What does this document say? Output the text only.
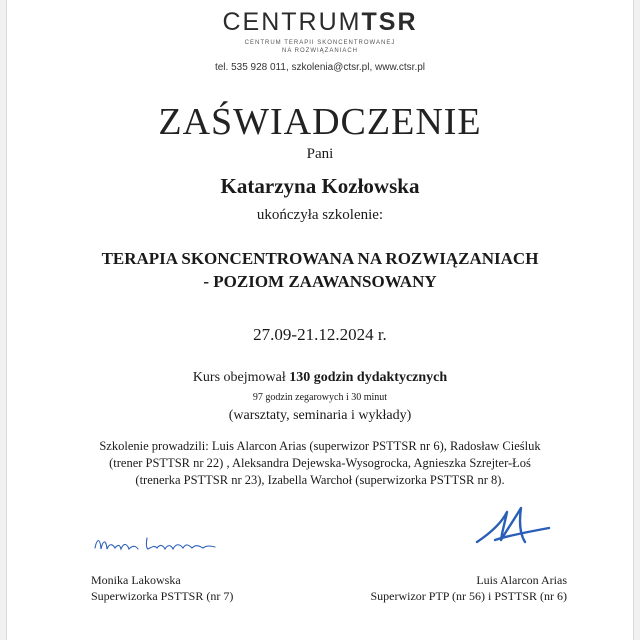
CENTRUMTSR
CENTRUM TERAPII SKONCENTROWANEJ
NA ROZWIĄZANIACH
tel. 535 928 011, szkolenia@ctsr.pl, www.ctsr.pl
ZAŚWIADCZENIE
Pani
Katarzyna Kozłowska
ukończyła szkolenie:
TERAPIA SKONCENTROWANA NA ROZWIĄZANIACH
- POZIOM ZAAWANSOWANY
27.09-21.12.2024 r.
Kurs obejmował 130 godzin dydaktycznych
97 godzin zegarowych i 30 minut
(warsztaty, seminaria i wykłady)
Szkolenie prowadzili: Luis Alarcon Arias (superwizor PSTTSR nr 6), Radosław Cieśluk
(trener PSTTSR nr 22) , Aleksandra Dejewska-Wysogrocka, Agnieszka Szrejter-Łoś
(trenerka PSTTSR nr 23), Izabella Warchoł (superwizorka PSTTSR nr 8).
Monika Lakowska
Superwizorka PSTTSR (nr 7)
Luis Alarcon Arias
Superwizor PTP (nr 56) i PSTTSR (nr 6)
